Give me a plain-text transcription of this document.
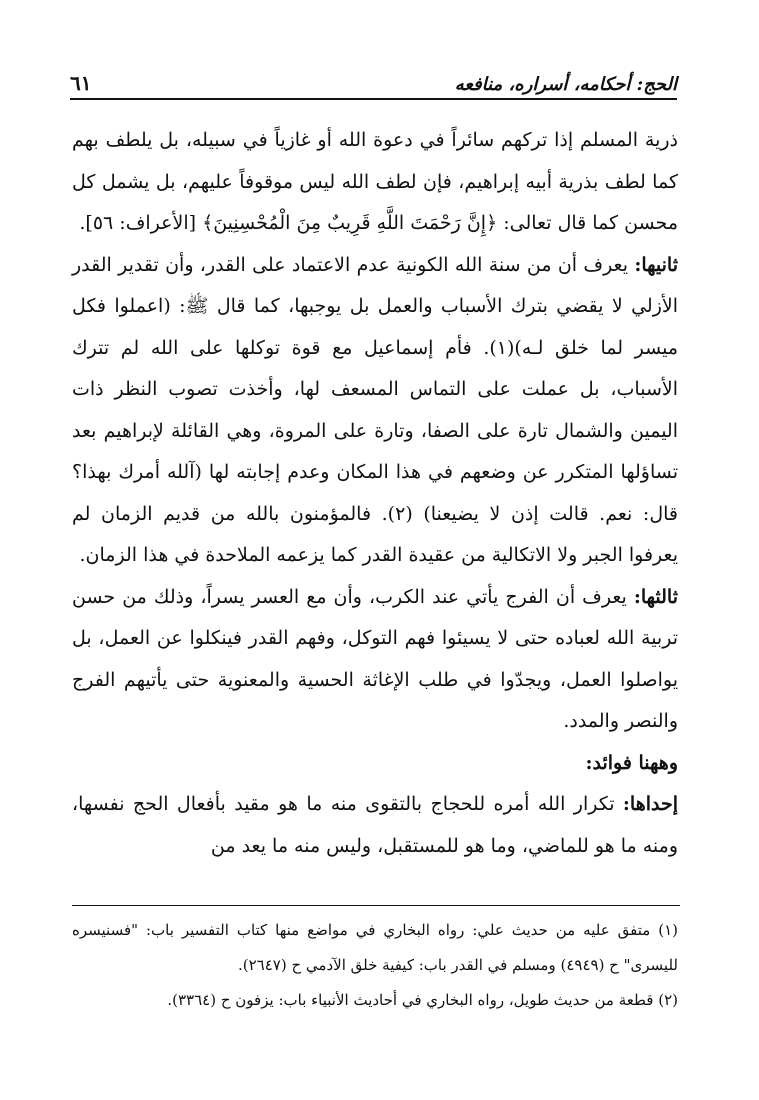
الحج: أحكامه، أسراره، منافعه
٦١

ذرية المسلم إذا تركهم سائراً في دعوة الله أو غازياً في سبيله، بل يلطف بهم كما لطف بذرية أبيه إبراهيم، فإن لطف الله ليس موقوفاً عليهم، بل يشمل كل محسن كما قال تعالى: ﴿إِنَّ رَحْمَتَ اللَّهِ قَرِيبٌ مِنَ الْمُحْسِنِينَ﴾ [الأعراف: ٥٦].

ثانيها: يعرف أن من سنة الله الكونية عدم الاعتماد على القدر، وأن تقدير القدر الأزلي لا يقضي بترك الأسباب والعمل بل يوجبها، كما قال ﷺ: (اعملوا فكل ميسر لما خلق لـه)(١). فأم إسماعيل مع قوة توكلها على الله لم تترك الأسباب، بل عملت على التماس المسعف لها، وأخذت تصوب النظر ذات اليمين والشمال تارة على الصفا، وتارة على المروة، وهي القائلة لإبراهيم بعد تساؤلها المتكرر عن وضعهم في هذا المكان وعدم إجابته لها (آلله أمرك بهذا؟ قال: نعم. قالت إذن لا يضيعنا) (٢). فالمؤمنون بالله من قديم الزمان لم يعرفوا الجبر ولا الاتكالية من عقيدة القدر كما يزعمه الملاحدة في هذا الزمان.

ثالثها: يعرف أن الفرج يأتي عند الكرب، وأن مع العسر يسراً، وذلك من حسن تربية الله لعباده حتى لا يسيئوا فهم التوكل، وفهم القدر فينكلوا عن العمل، بل يواصلوا العمل، ويجدّوا في طلب الإغاثة الحسية والمعنوية حتى يأتيهم الفرج والنصر والمدد.

وههنا فوائد:

إحداها: تكرار الله أمره للحجاج بالتقوى منه ما هو مقيد بأفعال الحج نفسها، ومنه ما هو للماضي، وما هو للمستقبل، وليس منه ما يعد من

(١) متفق عليه من حديث علي: رواه البخاري في مواضع منها كتاب التفسير باب: "فسنيسره لليسرى" ح (٤٩٤٩) ومسلم في القدر باب: كيفية خلق الآدمي ح (٢٦٤٧).

(٢) قطعة من حديث طويل، رواه البخاري في أحاديث الأنبياء باب: يزفون ح (٣٣٦٤).
